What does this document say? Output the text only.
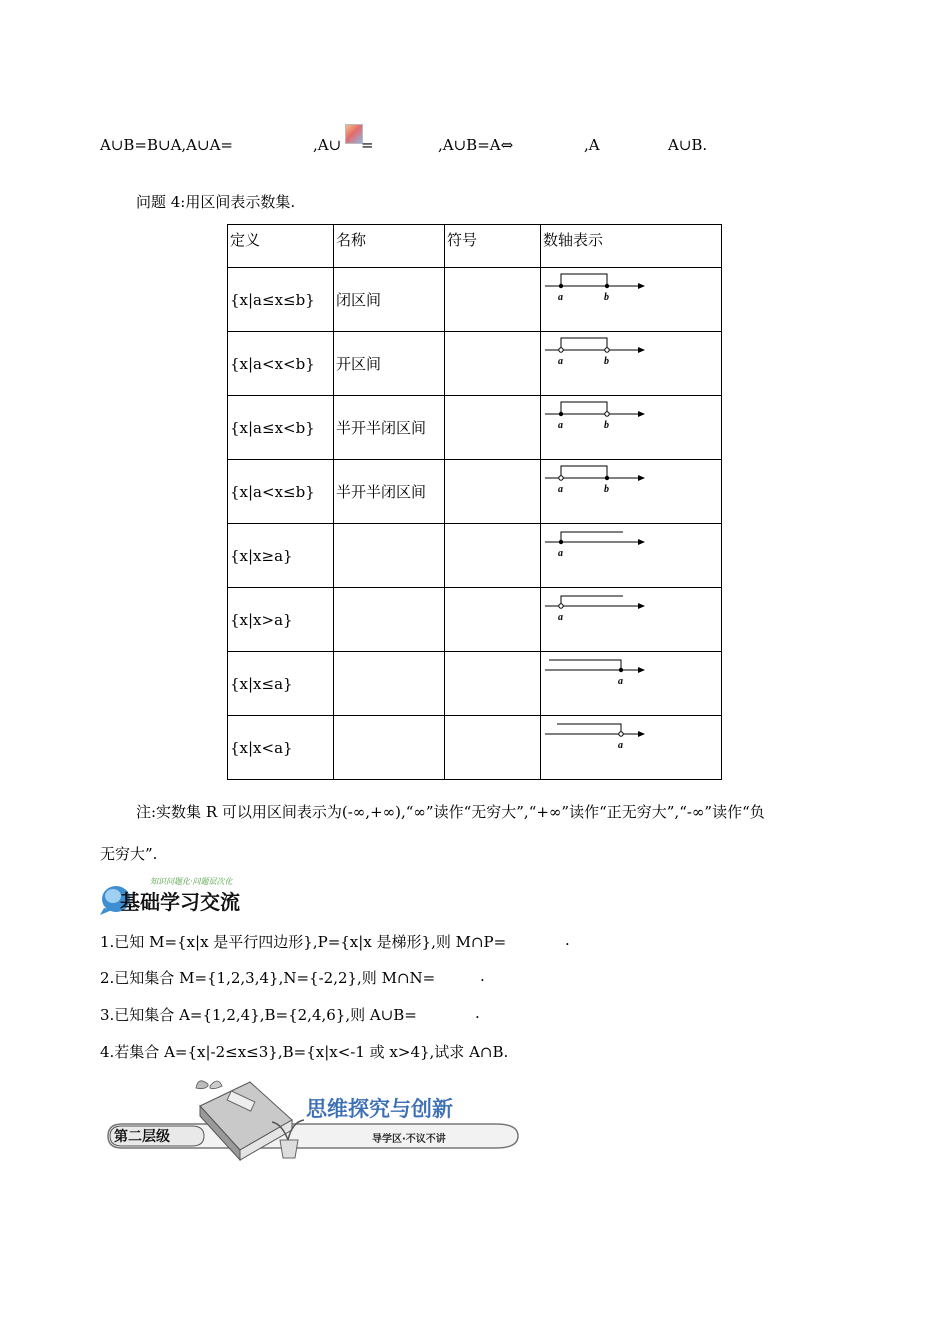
A∪B=B∪A,A∪A=	,A∪ =	,A∪B=A⇔	,A	A∪B.
问题 4:用区间表示数集.
定义	名称	符号	数轴表示
{x|a≤x≤b}	闭区间		a b

{x|a<x<b}	开区间		a b

{x|a≤x<b}	半开半闭区间		a b

{x|a<x≤b}	半开半闭区间		a b

{x|x≥a}			a

{x|x>a}			a

{x|x≤a}			a

{x|x<a}			a
注:实数集 R 可以用区间表示为(-∞,+∞),“∞”读作“无穷大”,“+∞”读作“正无穷大”,“-∞”读作“负
无穷大”.
知识问题化·问题层次化
基础学习交流
1.已知 M={x|x 是平行四边形},P={x|x 是梯形},则 M∩P=	.
2.已知集合 M={1,2,3,4},N={-2,2},则 M∩N=	.
3.已知集合 A={1,2,4},B={2,4,6},则 A∪B=	.
4.若集合 A={x|-2≤x≤3},B={x|x<-1 或 x>4},试求 A∩B.
第二层级
思维探究与创新
导学区·不议不讲
